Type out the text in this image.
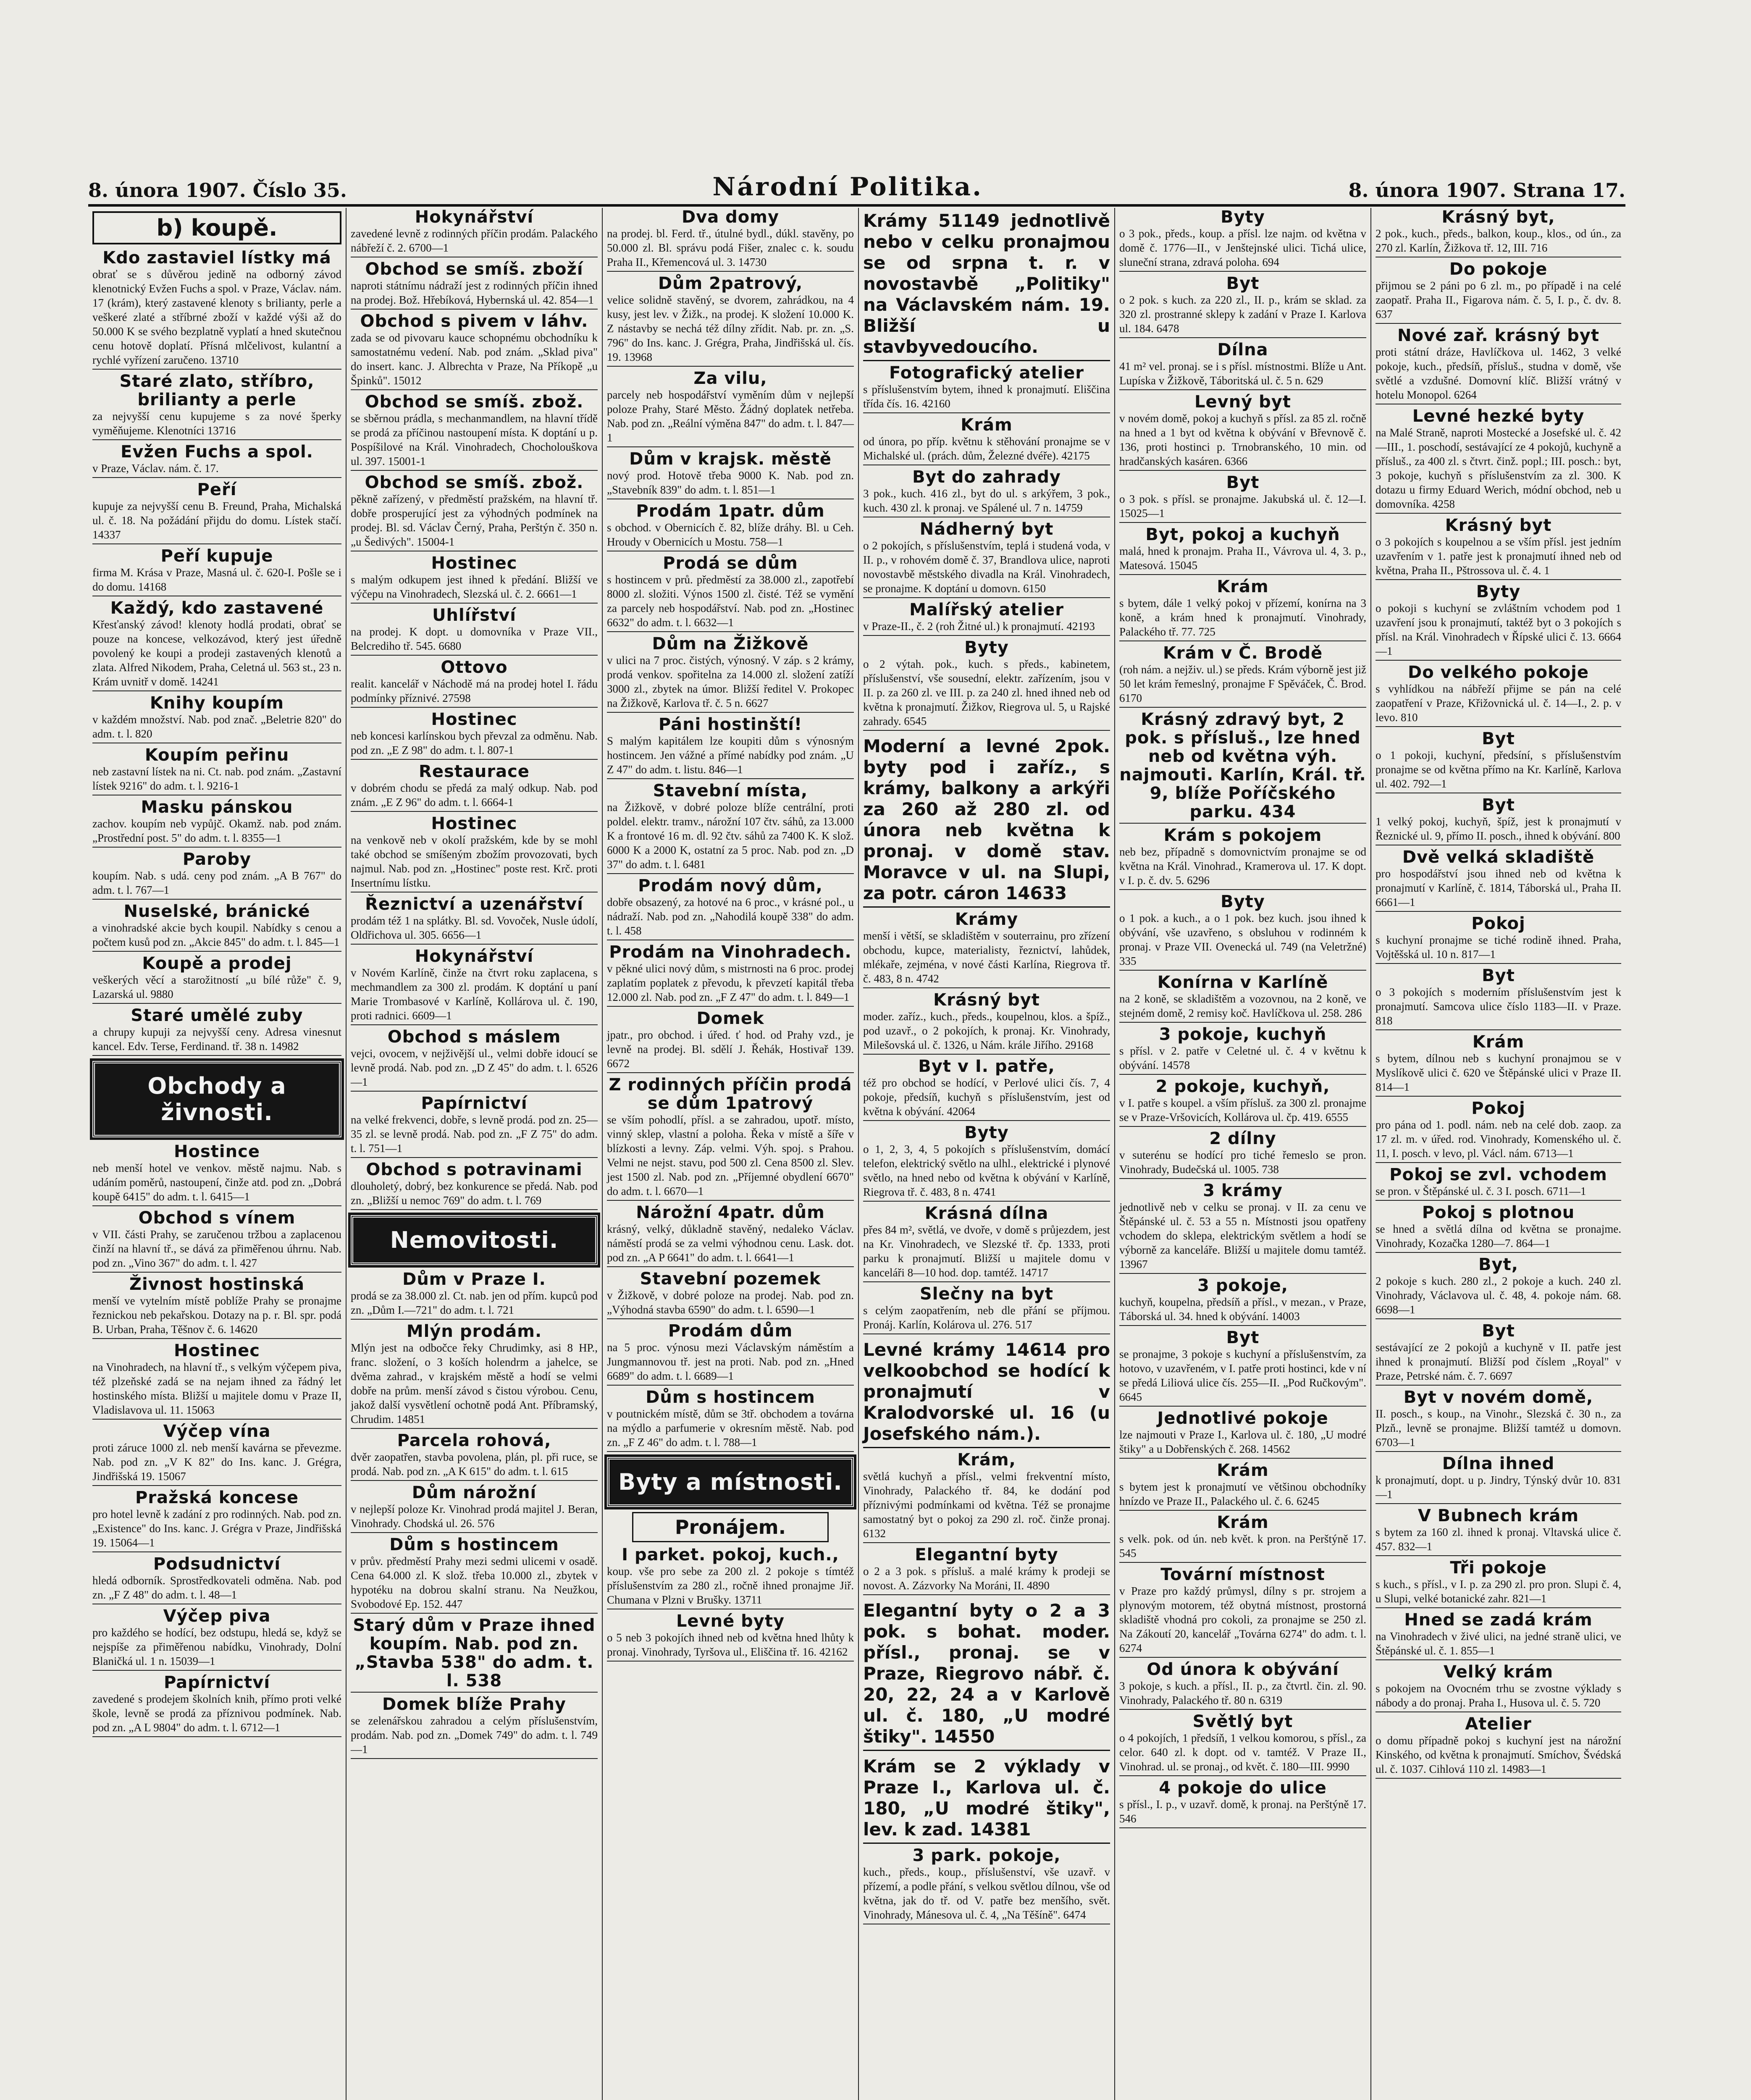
8. února 1907. Číslo 35.	Národní Politika.	8. února 1907. Strana 17.
b) koupě.
Kdo zastaviel lístky má
obrať se s důvěrou jedině na odborný závod klenotnický Evžen Fuchs a spol. v Praze, Václav. nám. 17 (krám), který zastavené klenoty s brilianty, perle a veškeré zlaté a stříbrné zboží v každé výši až do 50.000 K se svého bezplatně vyplatí a hned skutečnou cenu hotově doplatí. Přísná mlčelivost, kulantní a rychlé vyřízení zaručeno. 13710
Staré zlato, stříbro, brilianty a perle
za nejvyšší cenu kupujeme s za nové šperky vyměňujeme. Klenotníci 13716
Evžen Fuchs a spol.
v Praze, Václav. nám. č. 17.
Peří
kupuje za nejvyšší cenu B. Freund, Praha, Michalská ul. č. 18. Na požádání přijdu do domu. Lístek stačí. 14337
Peří kupuje
firma M. Krása v Praze, Masná ul. č. 620-I. Pošle se i do domu. 14168
Každý, kdo zastavené
Křesťanský závod! klenoty hodlá prodati, obrať se pouze na koncese, velkozávod, který jest úředně povolený ke koupi a prodeji zastavených klenotů a zlata. Alfred Nikodem, Praha, Celetná ul. 563 st., 23 n. Krám uvnitř v domě. 14241
Knihy koupím
v každém množství. Nab. pod znač. „Beletrie 820" do adm. t. l. 820
Koupím peřinu
neb zastavní lístek na ni. Ct. nab. pod znám. „Zastavní lístek 9216" do adm. t. l. 9216-1
Masku pánskou
zachov. koupím neb vypůjč. Okamž. nab. pod znám. „Prostřední post. 5" do adm. t. l. 8355—1
Paroby
koupím. Nab. s udá. ceny pod znám. „A B 767" do adm. t. l. 767—1
Nuselské, bránické
a vinohradské akcie bych koupil. Nabídky s cenou a počtem kusů pod zn. „Akcie 845" do adm. t. l. 845—1
Koupě a prodej
veškerých věcí a starožitností „u bílé růže" č. 9, Lazarská ul. 9880
Staré umělé zuby
a chrupy kupuji za nejvyšší ceny. Adresa vinesnut kancel. Edv. Terse, Ferdinand. tř. 38 n. 14982
Obchody a živnosti.
Hostince
neb menší hotel ve venkov. městě najmu. Nab. s udáním poměrů, nastoupení, činže atd. pod zn. „Dobrá koupě 6415" do adm. t. l. 6415—1
Obchod s vínem
v VII. části Prahy, se zaručenou tržbou a zaplacenou činží na hlavní tř., se dává za přiměřenou úhrnu. Nab. pod zn. „Vino 367" do adm. t. l. 427
Živnost hostinská
menší ve vytelním místě poblíže Prahy se pronajme řeznickou neb pekařskou. Dotazy na p. r. Bl. spr. podá B. Urban, Praha, Těšnov č. 6. 14620
Hostinec
na Vinohradech, na hlavní tř., s velkým výčepem piva, též plzeňské zadá se na nejam ihned za řádný let hostinského místa. Bližší u majitele domu v Praze II, Vladislavova ul. 11. 15063
Výčep vína
proti záruce 1000 zl. neb menší kavárna se převezme. Nab. pod zn. „V K 82" do Ins. kanc. J. Grégra, Jindřišská 19. 15067
Pražská koncese
pro hotel levně k zadání z pro rodinných. Nab. pod zn. „Existence" do Ins. kanc. J. Grégra v Praze, Jindřišská 19. 15064—1
Podsudnictví
hledá odborník. Sprostředkovateli odměna. Nab. pod zn. „F Z 48" do adm. t. l. 48—1
Výčep piva
pro každého se hodící, bez odstupu, hledá se, když se nejspíše za přiměřenou nabídku, Vinohrady, Dolní Blaničká ul. 1 n. 15039—1
Papírnictví
zavedené s prodejem školních knih, přímo proti velké škole, levně se prodá za příznivou podmínek. Nab. pod zn. „A L 9804" do adm. t. l. 6712—1
Hokynářství
zavedené levně z rodinných příčin prodám. Palackého nábřeží č. 2. 6700—1
Obchod se smíš. zboží
naproti státnímu nádraží jest z rodinných příčin ihned na prodej. Bož. Hřebíková, Hybernská ul. 42. 854—1
Obchod s pivem v láhv.
zada se od pivovaru kauce schopnému obchodníku k samostatnému vedení. Nab. pod znám. „Sklad piva" do insert. kanc. J. Albrechta v Praze, Na Příkopě „u Špinků". 15012
Obchod se smíš. zbož.
se sběrnou prádla, s mechanmandlem, na hlavní třídě se prodá za příčinou nastoupení místa. K doptání u p. Pospíšilové na Král. Vinohradech, Chocholouškova ul. 397. 15001-1
Obchod se smíš. zbož.
pěkně zařízený, v předměstí pražském, na hlavní tř. dobře prosperující jest za výhodných podmínek na prodej. Bl. sd. Václav Černý, Praha, Perštýn č. 350 n. „u Šedivých". 15004-1
Hostinec
s malým odkupem jest ihned k předání. Bližší ve výčepu na Vinohradech, Slezská ul. č. 2. 6661—1
Uhlířství
na prodej. K dopt. u domovníka v Praze VII., Belcrediho tř. 545. 6680
Ottovo
realit. kancelář v Náchodě má na prodej hotel I. řádu podmínky příznivé. 27598
Hostinec
neb koncesi karlínskou bych převzal za odměnu. Nab. pod zn. „E Z 98" do adm. t. l. 807-1
Restaurace
v dobrém chodu se předá za malý odkup. Nab. pod znám. „E Z 96" do adm. t. l. 6664-1
Hostinec
na venkově neb v okolí pražském, kde by se mohl také obchod se smíšeným zbožím provozovati, bych najmul. Nab. pod zn. „Hostinec" poste rest. Krč. proti Insertnímu lístku.
Řeznictví a uzenářství
prodám též 1 na splátky. Bl. sd. Vovoček, Nusle údolí, Oldřichova ul. 305. 6656—1
Hokynářství
v Novém Karlíně, činže na čtvrt roku zaplacena, s mechmandlem za 300 zl. prodám. K doptání u paní Marie Trombasové v Karlíně, Kollárova ul. č. 190, proti radnici. 6609—1
Obchod s máslem
vejci, ovocem, v nejživější ul., velmi dobře idoucí se levně prodá. Nab. pod zn. „D Z 45" do adm. t. l. 6526—1
Papírnictví
na velké frekvenci, dobře, s levně prodá. pod zn. 25—35 zl. se levně prodá. Nab. pod zn. „F Z 75" do adm. t. l. 751—1
Obchod s potravinami
dlouholetý, dobrý, bez konkurence se předá. Nab. pod zn. „Bližší u nemoc 769" do adm. t. l. 769
Nemovitosti.
Dům v Praze I.
prodá se za 38.000 zl. Ct. nab. jen od přím. kupců pod zn. „Dům I.—721" do adm. t. l. 721
Mlýn prodám.
Mlýn jest na odbočce řeky Chrudimky, asi 8 HP., franc. složení, o 3 koších holendrm a jahelce, se dvěma zahrad., v krajském městě a hodí se velmi dobře na prům. menší závod s čistou výrobou. Cenu, jakož další vysvětlení ochotně podá Ant. Příbramský, Chrudim. 14851
Parcela rohová,
dvěr zaopatřen, stavba povolena, plán, pl. při ruce, se prodá. Nab. pod zn. „A K 615" do adm. t. l. 615
Dům nárožní
v nejlepší poloze Kr. Vinohrad prodá majitel J. Beran, Vinohrady. Chodská ul. 26. 576
Dům s hostincem
v prův. předměstí Prahy mezi sedmi ulicemi v osadě. Cena 64.000 zl. K slož. třeba 10.000 zl., zbytek v hypotéku na dobrou skalní stranu. Na Neužkou, Svobodové Ep. 152. 447
Starý dům v Praze ihned koupím. Nab. pod zn. „Stavba 538" do adm. t. l. 538
Domek blíže Prahy
se zelenářskou zahradou a celým příslušenstvím, prodám. Nab. pod zn. „Domek 749" do adm. t. l. 749—1
Dva domy
na prodej. bl. Ferd. tř., útulné bydl., dúkl. stavěny, po 50.000 zl. Bl. správu podá Fišer, znalec c. k. soudu Praha II., Křemencová ul. 3. 14730
Dům 2patrový,
velice solidně stavěný, se dvorem, zahrádkou, na 4 kusy, jest lev. v Žižk., na prodej. K složení 10.000 K. Z nástavby se nechá též dílny zřídit. Nab. pr. zn. „S. 796" do Ins. kanc. J. Grégra, Praha, Jindřišská ul. čís. 19. 13968
Za vilu,
parcely neb hospodářství vyměním dům v nejlepší poloze Prahy, Staré Město. Žádný doplatek netřeba. Nab. pod zn. „Reální výměna 847" do adm. t. l. 847—1
Dům v krajsk. městě
nový prod. Hotově třeba 9000 K. Nab. pod zn. „Stavebník 839" do adm. t. l. 851—1
Prodám 1patr. dům
s obchod. v Obernicích č. 82, blíže dráhy. Bl. u Ceh. Hroudy v Obernicích u Mostu. 758—1
Prodá se dům
s hostincem v prů. předměstí za 38.000 zl., zapotřebí 8000 zl. složiti. Výnos 1500 zl. čisté. Též se vymění za parcely neb hospodářství. Nab. pod zn. „Hostinec 6632" do adm. t. l. 6632—1
Dům na Žižkově
v ulici na 7 proc. čistých, výnosný. V záp. s 2 krámy, prodá venkov. spořitelna za 14.000 zl. složení zatíží 3000 zl., zbytek na úmor. Bližší ředitel V. Prokopec na Žižkově, Karlova tř. č. 5 n. 6627
Páni hostinští!
S malým kapitálem lze koupiti dům s výnosným hostincem. Jen vážné a přímé nabídky pod znám. „U Z 47" do adm. t. listu. 846—1
Stavební místa,
na Žižkově, v dobré poloze blíže centrální, proti poldel. elektr. tramv., nárožní 107 čtv. sáhů, za 13.000 K a frontové 16 m. dl. 92 čtv. sáhů za 7400 K. K slož. 6000 K a 2000 K, ostatní za 5 proc. Nab. pod zn. „D 37" do adm. t. l. 6481
Prodám nový dům,
dobře obsazený, za hotové na 6 proc., v krásné pol., u nádraží. Nab. pod zn. „Nahodilá koupě 338" do adm. t. l. 458
Prodám na Vinohradech.
v pěkné ulici nový dům, s mistrnosti na 6 proc. prodej zaplatím poplatek z převodu, k převzetí kapitál třeba 12.000 zl. Nab. pod zn. „F Z 47" do adm. t. l. 849—1
Domek
jpatr., pro obchod. i úřed. ť hod. od Prahy vzd., je levně na prodej. Bl. sdělí J. Řehák, Hostivař 139. 6672
Z rodinných příčin prodá se dům 1patrový
se vším pohodlí, přísl. a se zahradou, upotř. místo, vinný sklep, vlastní a poloha. Řeka v místě a šíře v blízkosti a levny. Záp. velmi. Výh. spoj. s Prahou. Velmi ne nejst. stavu, pod 500 zl. Cena 8500 zl. Slev. jest 1500 zl. Nab. pod zn. „Příjemné obydlení 6670" do adm. t. l. 6670—1
Nárožní 4patr. dům
krásný, velký, důkladně stavěný, nedaleko Václav. náměstí prodá se za velmi výhodnou cenu. Lask. dot. pod zn. „A P 6641" do adm. t. l. 6641—1
Stavební pozemek
v Žižkově, v dobré poloze na prodej. Nab. pod zn. „Výhodná stavba 6590" do adm. t. l. 6590—1
Prodám dům
na 5 proc. výnosu mezi Václavským náměstím a Jungmannovou tř. jest na proti. Nab. pod zn. „Hned 6689" do adm. t. l. 6689—1
Dům s hostincem
v poutnickém místě, dům se 3tř. obchodem a továrna na mýdlo a parfumerie v okresním městě. Nab. pod zn. „F Z 46" do adm. t. l. 788—1
Byty a místnosti.
Pronájem.
I parket. pokoj, kuch.,
koup. vše pro sebe za 200 zl. 2 pokoje s tímtéž příslušenstvím za 280 zl., ročně ihned pronajme Jiř. Chumana v Plzni v Brušky. 13711
Levné byty
o 5 neb 3 pokojích ihned neb od května hned lhůty k pronaj. Vinohrady, Tyršova ul., Eliščina tř. 16. 42162
Krámy 51149 jednotlivě nebo v celku pronajmou se od srpna t. r. v novostavbě „Politiky" na Václavském nám. 19. Bližší u stavbyvedoucího.
Fotografický atelier
s příslušenstvím bytem, ihned k pronajmutí. Eliščina třída čís. 16. 42160
Krám
od února, po příp. květnu k stěhování pronajme se v Michalské ul. (prách. dům, Železné dvéře). 42175
Byt do zahrady
3 pok., kuch. 416 zl., byt do ul. s arkýřem, 3 pok., kuch. 430 zl. k pronaj. ve Spálené ul. 7 n. 14759
Nádherný byt
o 2 pokojích, s příslušenstvím, teplá i studená voda, v II. p., v rohovém domě č. 37, Brandlova ulice, naproti novostavbě městského divadla na Král. Vinohradech, se pronajme. K doptání u domovn. 6150
Malířský atelier
v Praze-II., č. 2 (roh Žitné ul.) k pronajmutí. 42193
Byty
o 2 výtah. pok., kuch. s předs., kabinetem, příslušenství, vše sousední, elektr. zařízením, jsou v II. p. za 260 zl. ve III. p. za 240 zl. hned ihned neb od května k pronajmutí. Žižkov, Riegrova ul. 5, u Rajské zahrady. 6545
Moderní a levné 2pok. byty pod i zaříz., s krámy, balkony a arkýři za 260 až 280 zl. od února neb května k pronaj. v domě stav. Moravce v ul. na Slupi, za potr. cáron 14633
Krámy
menší i větší, se skladištěm v souterrainu, pro zřízení obchodu, kupce, materialisty, řeznictví, lahůdek, mlékaře, zejména, v nové části Karlína, Riegrova tř. č. 483, 8 n. 4742
Krásný byt
moder. zaříz., kuch., předs., koupelnou, klos. a špíž., pod uzavř., o 2 pokojích, k pronaj. Kr. Vinohrady, Milešovská ul. č. 1326, u Nám. krále Jiřího. 29168
Byt v I. patře,
též pro obchod se hodící, v Perlové ulici čís. 7, 4 pokoje, předsíň, kuchyň s příslušenstvím, jest od května k obývání. 42064
Byty
o 1, 2, 3, 4, 5 pokojích s příslušenstvím, domácí telefon, elektrický světlo na ulhl., elektrické i plynové světlo, na hned nebo od května k obývání v Karlíně, Riegrova tř. č. 483, 8 n. 4741
Krásná dílna
přes 84 m², světlá, ve dvoře, v domě s průjezdem, jest na Kr. Vinohradech, ve Slezské tř. čp. 1333, proti parku k pronajmutí. Bližší u majitele domu v kanceláři 8—10 hod. dop. tamtéž. 14717
Slečny na byt
s celým zaopatřením, neb dle přání se příjmou. Pronáj. Karlín, Kolárova ul. 276. 517
Levné krámy 14614 pro velkoobchod se hodící k pronajmutí v Kralodvorské ul. 16 (u Josefského nám.).
Krám,
světlá kuchyň a přísl., velmi frekventní místo, Vinohrady, Palackého tř. 84, ke dodání pod příznivými podmínkami od května. Též se pronajme samostatný byt o pokoj za 290 zl. roč. činže pronaj. 6132
Elegantní byty
o 2 a 3 pok. s přísluš. a malé krámy k prodeji se novost. A. Zázvorky Na Moráni, II. 4890
Elegantní byty o 2 a 3 pok. s bohat. moder. přísl., pronaj. se v Praze, Riegrovo nábř. č. 20, 22, 24 a v Karlově ul. č. 180, „U modré štiky". 14550
Krám se 2 výklady v Praze I., Karlova ul. č. 180, „U modré štiky", lev. k zad. 14381
3 park. pokoje,
kuch., předs., koup., příslušenství, vše uzavř. v přízemí, a podle přání, s velkou světlou dílnou, vše od května, jak do tř. od V. patře bez menšího, svět. Vinohrady, Mánesova ul. č. 4, „Na Těšíně". 6474
Byty
o 3 pok., předs., koup. a přísl. lze najm. od května v domě č. 1776—II., v Jenštejnské ulici. Tichá ulice, sluneční strana, zdravá poloha. 694
Byt
o 2 pok. s kuch. za 220 zl., II. p., krám se sklad. za 320 zl. prostranné sklepy k zadání v Praze I. Karlova ul. 184. 6478
Dílna
41 m² vel. pronaj. se i s přísl. místnostmi. Blíže u Ant. Lupíska v Žižkově, Táboritská ul. č. 5 n. 629
Levný byt
v novém domě, pokoj a kuchyň s přísl. za 85 zl. ročně na hned a 1 byt od května k obývání v Břevnově č. 136, proti hostinci p. Trnobranského, 10 min. od hradčanských kasáren. 6366
Byt
o 3 pok. s přísl. se pronajme. Jakubská ul. č. 12—I. 15025—1
Byt, pokoj a kuchyň
malá, hned k pronajm. Praha II., Vávrova ul. 4, 3. p., Matesová. 15045
Krám
s bytem, dále 1 velký pokoj v přízemí, konírna na 3 koně, a krám hned k pronajmutí. Vinohrady, Palackého tř. 77. 725
Krám v Č. Brodě
(roh nám. a nejživ. ul.) se předs. Krám výborně jest již 50 let krám řemeslný, pronajme F Spěváček, Č. Brod. 6170
Krásný zdravý byt, 2 pok. s přísluš., lze hned neb od května výh. najmouti. Karlín, Král. tř. 9, blíže Poříčského parku. 434
Krám s pokojem
neb bez, případně s domovnictvím pronajme se od května na Král. Vinohrad., Kramerova ul. 17. K dopt. v I. p. č. dv. 5. 6296
Byty
o 1 pok. a kuch., a o 1 pok. bez kuch. jsou ihned k obývání, vše uzavřeno, s obsluhou v rodinném k pronaj. v Praze VII. Ovenecká ul. 749 (na Veletržné) 335
Konírna v Karlíně
na 2 koně, se skladištěm a vozovnou, na 2 koně, ve stejném domě, 2 remisy koč. Havlíčkova ul. 258. 286
3 pokoje, kuchyň
s přísl. v 2. patře v Celetné ul. č. 4 v květnu k obývání. 14578
2 pokoje, kuchyň,
v I. patře s koupel. a vším přísluš. za 300 zl. pronajme se v Praze-Vršovicích, Kollárova ul. čp. 419. 6555
2 dílny
v suterénu se hodící pro tiché řemeslo se pron. Vinohrady, Budečská ul. 1005. 738
3 krámy
jednotlivě neb v celku se pronaj. v II. za cenu ve Štěpánské ul. č. 53 a 55 n. Místnosti jsou opatřeny vchodem do sklepa, elektrickým světlem a hodí se výborně za kanceláře. Bližší u majitele domu tamtéž. 13967
3 pokoje,
kuchyň, koupelna, předsíň a přísl., v mezan., v Praze, Táborská ul. 34. hned k obývání. 14003
Byt
se pronajme, 3 pokoje s kuchyní a příslušenstvím, za hotovo, v uzavřeném, v I. patře proti hostinci, kde v ní se předá Liliová ulice čís. 255—II. „Pod Ručkovým". 6645
Jednotlivé pokoje
lze najmouti v Praze I., Karlova ul. č. 180, „U modré štiky" a u Dobřenských č. 268. 14562
Krám
s bytem jest k pronajmutí ve většinou obchodníky hnízdo ve Praze II., Palackého ul. č. 6. 6245
Krám
s velk. pok. od ún. neb květ. k pron. na Perštýně 17. 545
Tovární místnost
v Praze pro každý průmysl, dílny s pr. strojem a plynovým motorem, též obytná místnost, prostorná skladiště vhodná pro cokoli, za pronajme se 250 zl. Na Zákoutí 20, kancelář „Továrna 6274" do adm. t. l. 6274
Od února k obývání
3 pokoje, s kuch. a přísl., II. p., za čtvrtl. čin. zl. 90. Vinohrady, Palackého tř. 80 n. 6319
Světlý byt
o 4 pokojích, 1 předsíň, 1 velkou komorou, s přísl., za celor. 640 zl. k dopt. od v. tamtéž. V Praze II., Vinohrad. ul. se pronaj., od květ. č. 180—III. 9990
4 pokoje do ulice
s přísl., I. p., v uzavř. domě, k pronaj. na Perštýně 17. 546
Krásný byt,
2 pok., kuch., předs., balkon, koup., klos., od ún., za 270 zl. Karlín, Žižkova tř. 12, III. 716
Do pokoje
přijmou se 2 páni po 6 zl. m., po případě i na celé zaopatř. Praha II., Figarova nám. č. 5, I. p., č. dv. 8. 637
Nové zař. krásný byt
proti státní dráze, Havlíčkova ul. 1462, 3 velké pokoje, kuch., předsíň, přísluš., studna v domě, vše světlé a vzdušné. Domovní klíč. Bližší vrátný v hotelu Monopol. 6264
Levné hezké byty
na Malé Straně, naproti Mostecké a Josefské ul. č. 42—III., 1. poschodí, sestávající ze 4 pokojů, kuchyně a přísluš., za 400 zl. s čtvrt. činž. popl.; III. posch.: byt, 3 pokoje, kuchyň s příslušenstvím za zl. 300. K dotazu u firmy Eduard Werich, módní obchod, neb u domovníka. 4258
Krásný byt
o 3 pokojích s koupelnou a se vším přísl. jest jedním uzavřením v 1. patře jest k pronajmutí ihned neb od května, Praha II., Pštrossova ul. č. 4. 1
Byty
o pokoji s kuchyní se zvláštním vchodem pod 1 uzavření jsou k pronajmutí, taktéž byt o 3 pokojích s přísl. na Král. Vinohradech v Řípské ulici č. 13. 6664—1
Do velkého pokoje
s vyhlídkou na nábřeží přijme se pán na celé zaopatření v Praze, Křižovnická ul. č. 14—I., 2. p. v levo. 810
Byt
o 1 pokoji, kuchyní, předsíní, s příslušenstvím pronajme se od května přímo na Kr. Karlíně, Karlova ul. 402. 792—1
Byt
1 velký pokoj, kuchyň, špíž, jest k pronajmutí v Řeznické ul. 9, přímo II. posch., ihned k obývání. 800
Dvě velká skladiště
pro hospodářství jsou ihned neb od května k pronajmutí v Karlíně, č. 1814, Táborská ul., Praha II. 6661—1
Pokoj
s kuchyní pronajme se tiché rodině ihned. Praha, Vojtěšská ul. 10 n. 817—1
Byt
o 3 pokojích s moderním příslušenstvím jest k pronajmutí. Samcova ulice číslo 1183—II. v Praze. 818
Krám
s bytem, dílnou neb s kuchyní pronajmou se v Myslíkově ulici č. 620 ve Štěpánské ulici v Praze II. 814—1
Pokoj
pro pána od 1. podl. nám. neb na celé dob. zaop. za 17 zl. m. v úřed. rod. Vinohrady, Komenského ul. č. 11, I. posch. v levo, pl. Václ. nám. 6713—1
Pokoj se zvl. vchodem
se pron. v Štěpánské ul. č. 3 I. posch. 6711—1
Pokoj s plotnou
se hned a světlá dílna od května se pronajme. Vinohrady, Kozačka 1280—7. 864—1
Byt,
2 pokoje s kuch. 280 zl., 2 pokoje a kuch. 240 zl. Vinohrady, Václavova ul. č. 48, 4. pokoje nám. 68. 6698—1
Byt
sestávající ze 2 pokojů a kuchyně v II. patře jest ihned k pronajmutí. Bližší pod číslem „Royal" v Praze, Petrské nám. č. 7. 6697
Byt v novém domě,
II. posch., s koup., na Vinohr., Slezská č. 30 n., za Plzň., levně se pronajme. Bližší tamtéž u domovn. 6703—1
Dílna ihned
k pronajmutí, dopt. u p. Jindry, Týnský dvůr 10. 831—1
V Bubnech krám
s bytem za 160 zl. ihned k pronaj. Vltavská ulice č. 457. 832—1
Tři pokoje
s kuch., s přísl., v I. p. za 290 zl. pro pron. Slupi č. 4, u Slupi, velké botanické zahr. 821—1
Hned se zadá krám
na Vinohradech v živé ulici, na jedné straně ulici, ve Štěpánské ul. č. 1. 855—1
Velký krám
s pokojem na Ovocném trhu se zvostne výklady s nábody a do pronaj. Praha I., Husova ul. č. 5. 720
Atelier
o domu případně pokoj s kuchyní jest na nárožní Kinského, od května k pronajmutí. Smíchov, Švédská ul. č. 1037. Cihlová 110 zl. 14983—1
